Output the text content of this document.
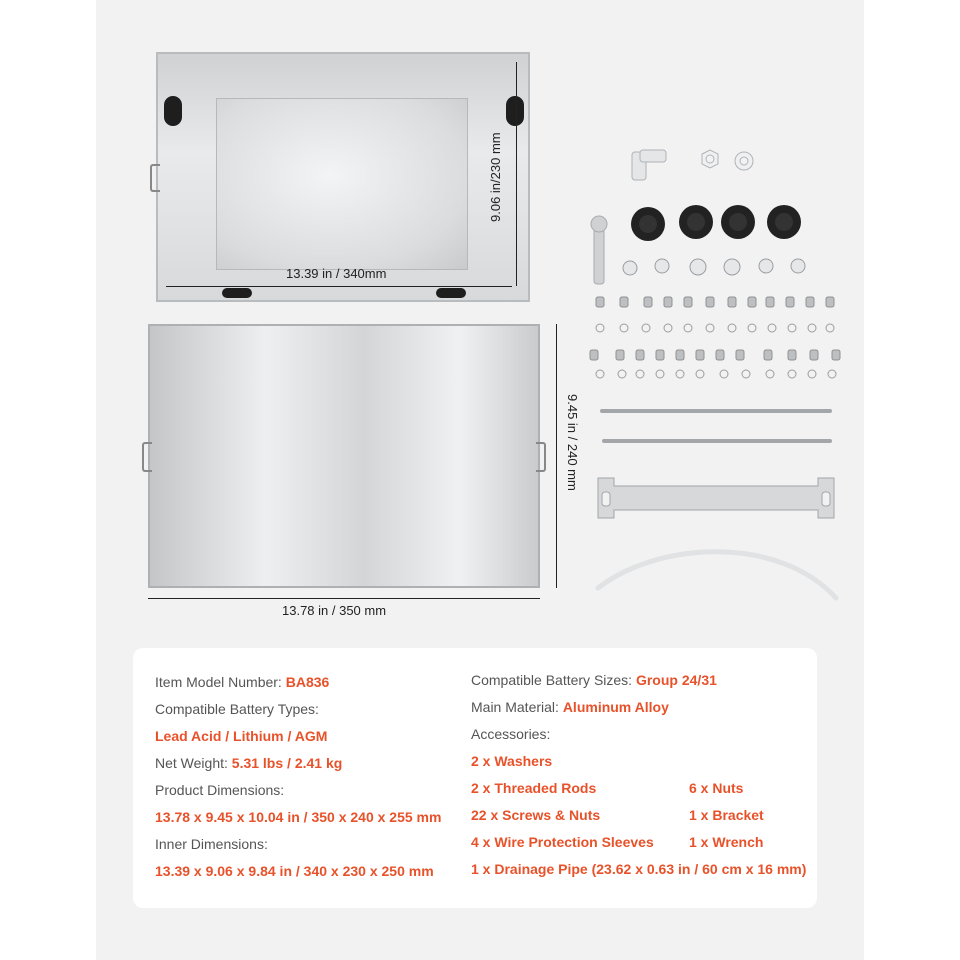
13.39 in / 340mm
9.06 in/230 mm
13.78 in / 350 mm
9.45 in / 240 mm
Item Model Number: BA836
Compatible Battery Types:
Lead Acid / Lithium / AGM
Net Weight: 5.31 lbs / 2.41 kg
Product Dimensions:
13.78 x 9.45 x 10.04 in / 350 x 240 x 255 mm
Inner Dimensions:
13.39 x 9.06 x 9.84 in / 340 x 230 x 250 mm
Compatible Battery Sizes: Group 24/31
Main Material: Aluminum Alloy
Accessories:
2 x Washers
2 x Threaded Rods	6 x Nuts
22 x Screws & Nuts	1 x Bracket
4 x Wire Protection Sleeves	1 x Wrench
1 x Drainage Pipe (23.62 x 0.63 in / 60 cm x 16 mm)
